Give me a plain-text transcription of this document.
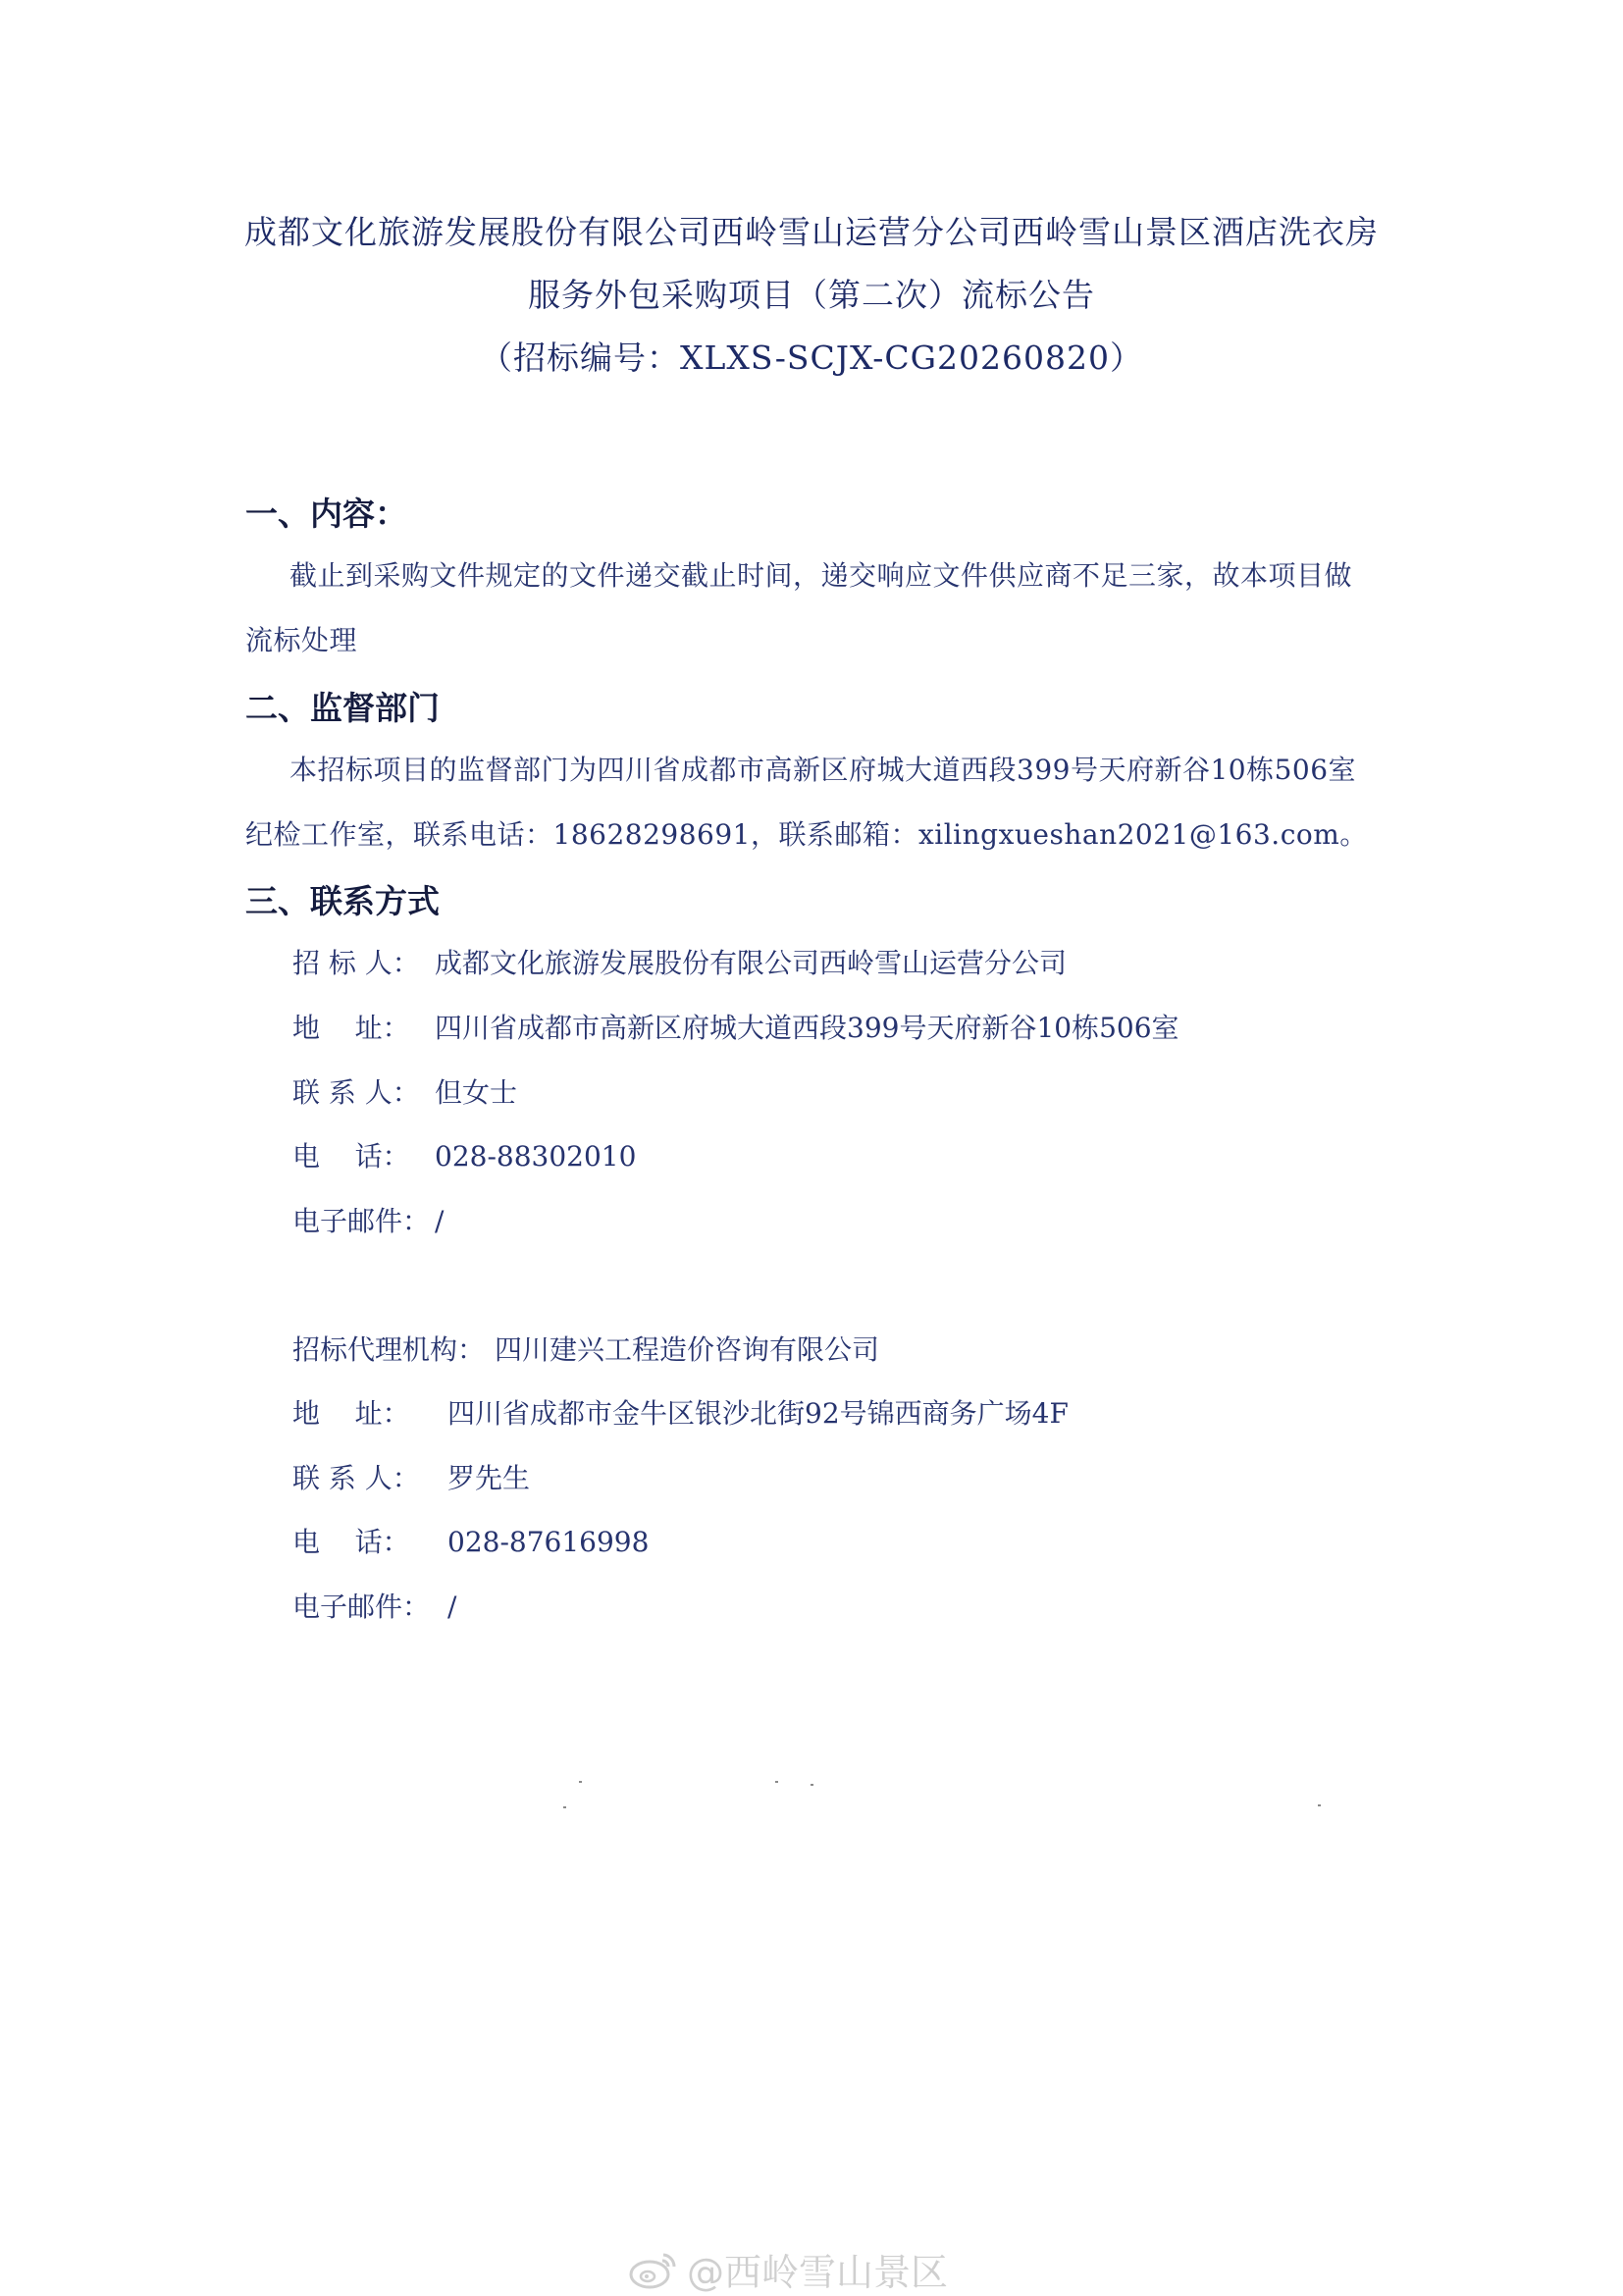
成都文化旅游发展股份有限公司西岭雪山运营分公司西岭雪山景区酒店洗衣房
服务外包采购项目（第二次）流标公告
（招标编号：XLXS-SCJX-CG20260820）
一、内容：
截止到采购文件规定的文件递交截止时间，递交响应文件供应商不足三家，故本项目做
流标处理
二、监督部门
本招标项目的监督部门为四川省成都市高新区府城大道西段399号天府新谷10栋506室
纪检工作室，联系电话：18628298691，联系邮箱：xilingxueshan2021@163.com。
三、联系方式
招 标 人： 成都文化旅游发展股份有限公司西岭雪山运营分公司
地    址： 四川省成都市高新区府城大道西段399号天府新谷10栋506室
联 系 人： 但女士
电    话： 028-88302010
电子邮件： /
招标代理机构： 四川建兴工程造价咨询有限公司
地    址： 四川省成都市金牛区银沙北街92号锦西商务广场4F
联 系 人： 罗先生
电    话： 028-87616998
电子邮件： /
@西岭雪山景区
